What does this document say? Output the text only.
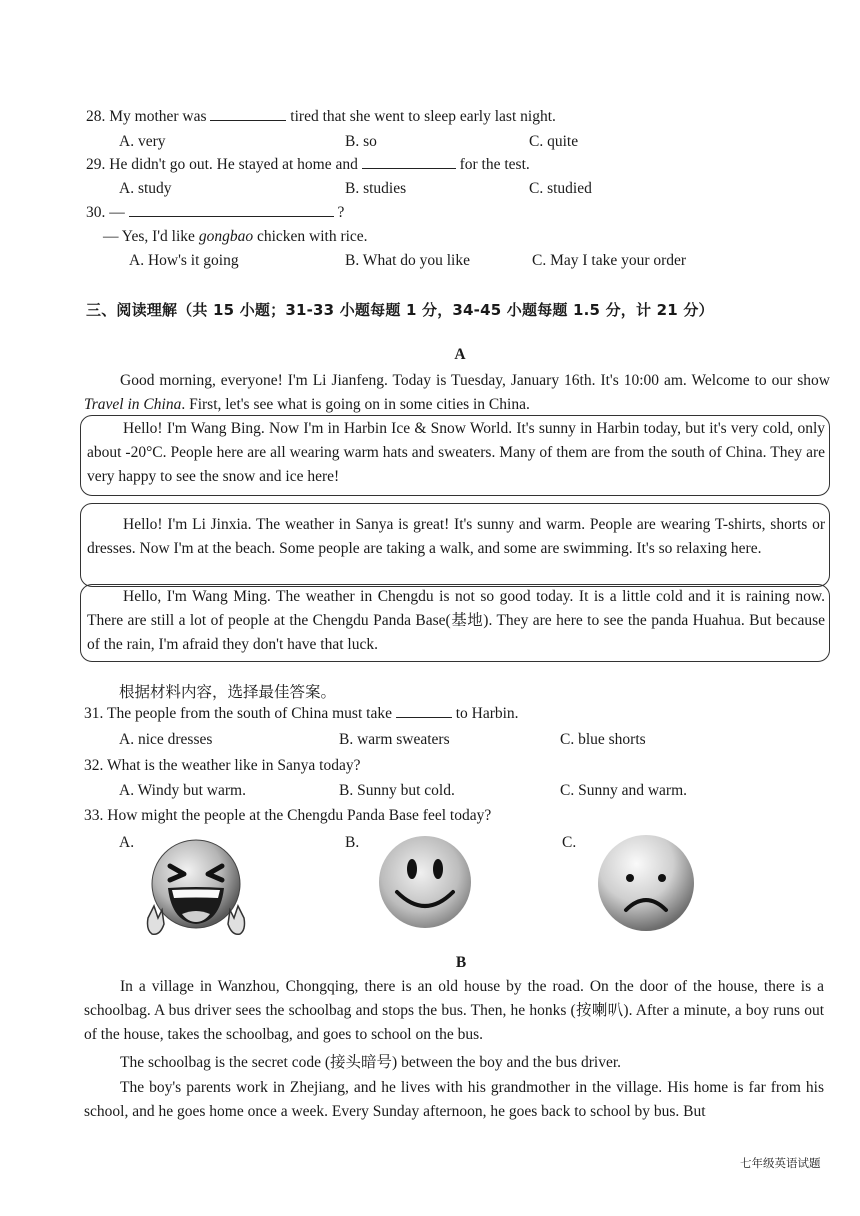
28. My mother was	tired that she went to sleep early last night.
A. very	B. so	C. quite
29. He didn't go out. He stayed at home and	for the test.
A. study	B. studies	C. studied
30. —	?
— Yes, I'd like gongbao chicken with rice.
A. How's it going	B. What do you like	C. May I take your order
三、阅读理解（共 15 小题；31-33 小题每题 1 分，34-45 小题每题 1.5 分，计 21 分）
A
Good morning, everyone! I'm Li Jianfeng. Today is Tuesday, January 16th. It's 10:00 am. Welcome to our show Travel in China. First, let's see what is going on in some cities in China.

Hello! I'm Wang Bing. Now I'm in Harbin Ice & Snow World. It's sunny in Harbin today, but it's very cold, only about -20°C. People here are all wearing warm hats and sweaters. Many of them are from the south of China. They are very happy to see the snow and ice here!

Hello! I'm Li Jinxia. The weather in Sanya is great! It's sunny and warm. People are wearing T-shirts, shorts or dresses. Now I'm at the beach. Some people are taking a walk, and some are swimming. It's so relaxing here.

Hello, I'm Wang Ming. The weather in Chengdu is not so good today. It is a little cold and it is raining now. There are still a lot of people at the Chengdu Panda Base(基地). They are here to see the panda Huahua. But because of the rain, I'm afraid they don't have that luck.

根据材料内容，选择最佳答案。
31. The people from the south of China must take	to Harbin.
A. nice dresses	B. warm sweaters	C. blue shorts
32. What is the weather like in Sanya today?
A. Windy but warm.	B. Sunny but cold.	C. Sunny and warm.
33. How might the people at the Chengdu Panda Base feel today?
A.	B.	C.
B
In a village in Wanzhou, Chongqing, there is an old house by the road. On the door of the house, there is a schoolbag. A bus driver sees the schoolbag and stops the bus. Then, he honks (按喇叭). After a minute, a boy runs out of the house, takes the schoolbag, and goes to school on the bus.
The schoolbag is the secret code (接头暗号) between the boy and the bus driver.
The boy's parents work in Zhejiang, and he lives with his grandmother in the village. His home is far from his school, and he goes home once a week. Every Sunday afternoon, he goes back to school by bus. But
七年级英语试题
